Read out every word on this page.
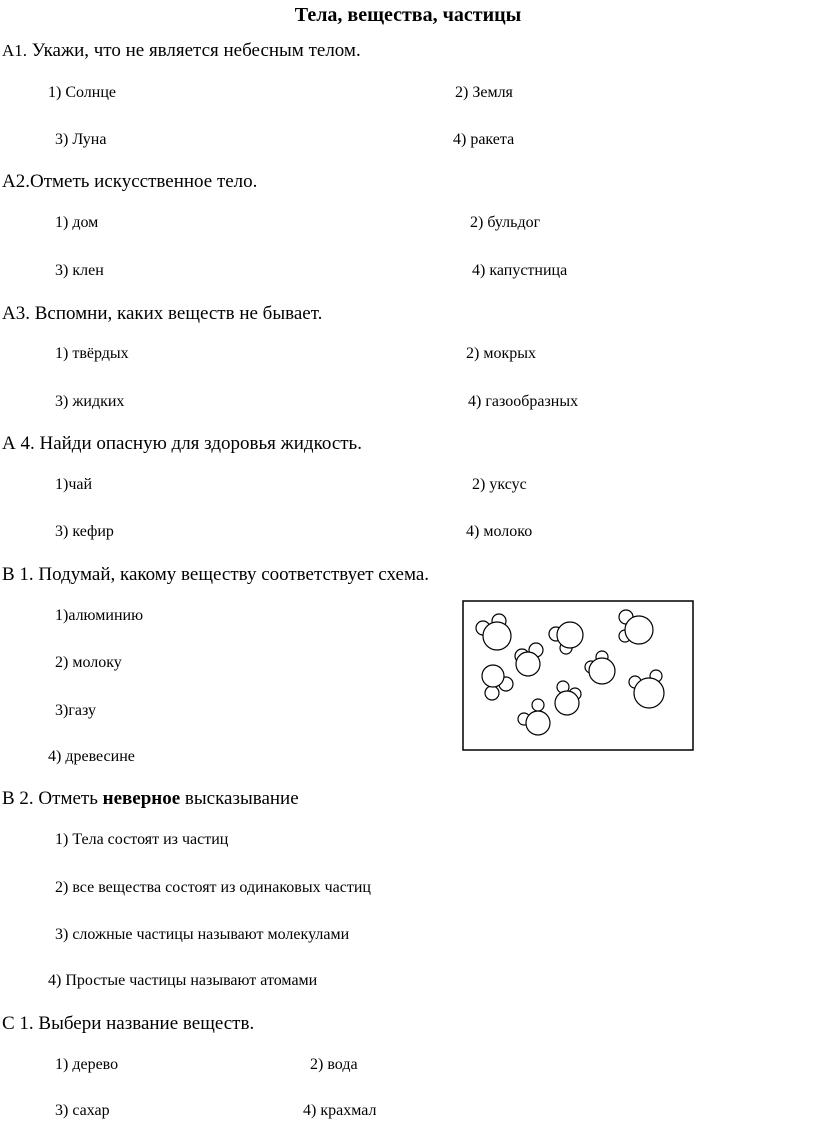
Тела, вещества, частицы
А1. Укажи, что не является небесным телом.
1) Солнце	2) Земля
3) Луна	4) ракета
А2.Отметь искусственное тело.
1) дом	2) бульдог
3) клен	4) капустница
А3. Вспомни, каких веществ не бывает.
1) твёрдых	2) мокрых
3) жидких	4) газообразных
А 4. Найди опасную для здоровья жидкость.
1)чай	2) уксус
3) кефир	4) молоко
В 1. Подумай, какому веществу соответствует схема.
1)алюминию
2) молоку
3)газу
4) древесине
В 2. Отметь неверное высказывание
1) Тела состоят из частиц
2) все вещества состоят из одинаковых частиц
3) сложные частицы называют молекулами
4) Простые частицы называют атомами
С 1. Выбери название веществ.
1) дерево	2) вода
3) сахар	4) крахмал
